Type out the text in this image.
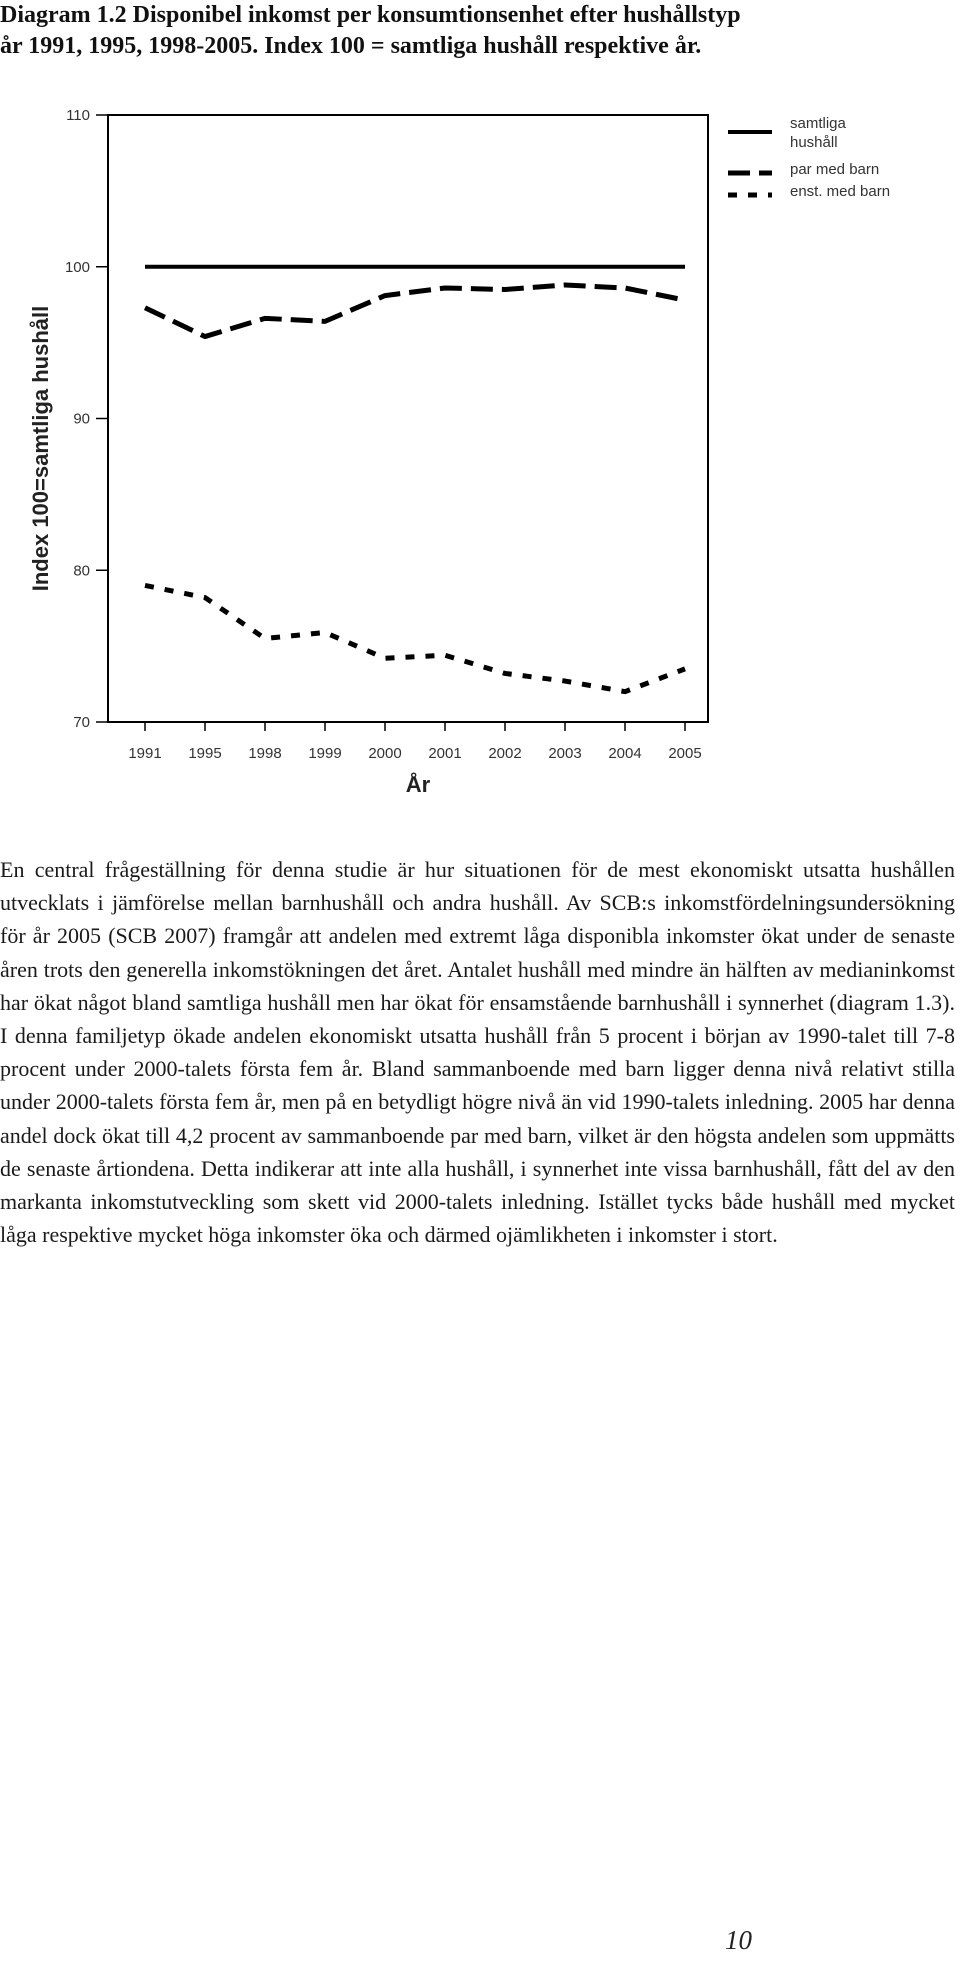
Diagram 1.2 Disponibel inkomst per konsumtionsenhet efter hushållstyp
år 1991, 1995, 1998-2005. Index 100 = samtliga hushåll respektive år.
70
80
90
100
110
1991 1995 1998 1999 2000 2001 2002 2003 2004 2005
samtliga hushåll
par med barn
enst. med barn
År
Index 100=samtliga hushåll

En central frågeställning för denna studie är hur situationen för de mest ekonomiskt utsatta hushållen utvecklats i jämförelse mellan barnhushåll och andra hushåll. Av SCB:s inkomstfördelningsundersökning för år 2005 (SCB 2007) framgår att andelen med extremt låga disponibla inkomster ökat under de senaste åren trots den generella inkomstökningen det året. Antalet hushåll med mindre än hälften av medianinkomst har ökat något bland samtliga hushåll men har ökat för ensamstående barnhushåll i synnerhet (diagram 1.3). I denna familjetyp ökade andelen ekonomiskt utsatta hushåll från 5 procent i början av 1990-talet till 7-8 procent under 2000-talets första fem år. Bland sammanboende med barn ligger denna nivå relativt stilla under 2000-talets första fem år, men på en betydligt högre nivå än vid 1990-talets inledning. 2005 har denna andel dock ökat till 4,2 procent av sammanboende par med barn, vilket är den högsta andelen som uppmätts de senaste årtiondena. Detta indikerar att inte alla hushåll, i synnerhet inte vissa barnhushåll, fått del av den markanta inkomstutveckling som skett vid 2000-talets inledning. Istället tycks både hushåll med mycket låga respektive mycket höga inkomster öka och därmed ojämlikheten i inkomster i stort.

10
